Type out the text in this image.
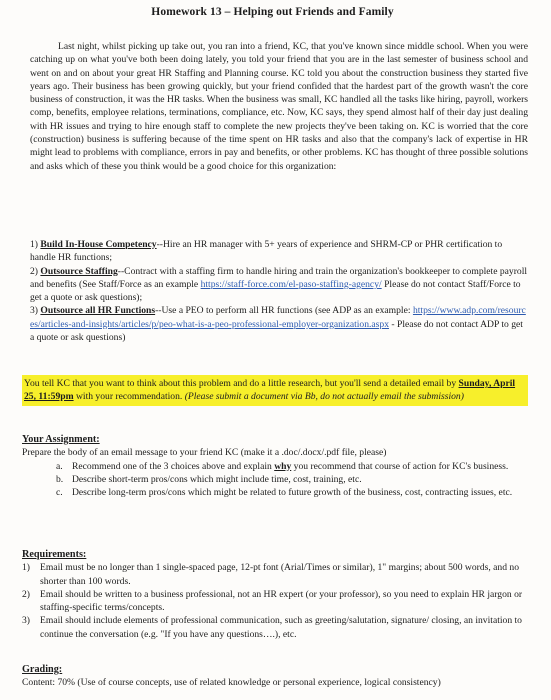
Homework 13 – Helping out Friends and Family
Last night, whilst picking up take out, you ran into a friend, KC, that you've known since middle school. When you were catching up on what you've both been doing lately, you told your friend that you are in the last semester of business school and went on and on about your great HR Staffing and Planning course. KC told you about the construction business they started five years ago. Their business has been growing quickly, but your friend confided that the hardest part of the growth wasn't the core business of construction, it was the HR tasks. When the business was small, KC handled all the tasks like hiring, payroll, workers comp, benefits, employee relations, terminations, compliance, etc. Now, KC says, they spend almost half of their day just dealing with HR issues and trying to hire enough staff to complete the new projects they've been taking on. KC is worried that the core (construction) business is suffering because of the time spent on HR tasks and also that the company's lack of expertise in HR might lead to problems with compliance, errors in pay and benefits, or other problems. KC has thought of three possible solutions and asks which of these you think would be a good choice for this organization:

1) Build In-House Competency--Hire an HR manager with 5+ years of experience and SHRM-CP or PHR certification to handle HR functions;

2) Outsource Staffing--Contract with a staffing firm to handle hiring and train the organization's bookkeeper to complete payroll and benefits (See Staff/Force as an example https://staff-force.com/el-paso-staffing-agency/ Please do not contact Staff/Force to get a quote or ask questions);

3) Outsource all HR Functions--Use a PEO to perform all HR functions (see ADP as an example: https://www.adp.com/resources/articles-and-insights/articles/p/peo-what-is-a-peo-professional-employer-organization.aspx - Please do not contact ADP to get a quote or ask questions)

You tell KC that you want to think about this problem and do a little research, but you'll send a detailed email by Sunday, April 25, 11:59pm with your recommendation. (Please submit a document via Bb, do not actually email the submission)

Your Assignment:

Prepare the body of an email message to your friend KC (make it a .doc/.docx/.pdf file, please)

a. Recommend one of the 3 choices above and explain why you recommend that course of action for KC's business.

b. Describe short-term pros/cons which might include time, cost, training, etc.

c. Describe long-term pros/cons which might be related to future growth of the business, cost, contracting issues, etc.

Requirements:

1) Email must be no longer than 1 single-spaced page, 12-pt font (Arial/Times or similar), 1" margins; about 500 words, and no shorter than 100 words.

2) Email should be written to a business professional, not an HR expert (or your professor), so you need to explain HR jargon or staffing-specific terms/concepts.

3) Email should include elements of professional communication, such as greeting/salutation, signature/ closing, an invitation to continue the conversation (e.g. "If you have any questions….), etc.

Grading:

Content: 70% (Use of course concepts, use of related knowledge or personal experience, logical consistency)
